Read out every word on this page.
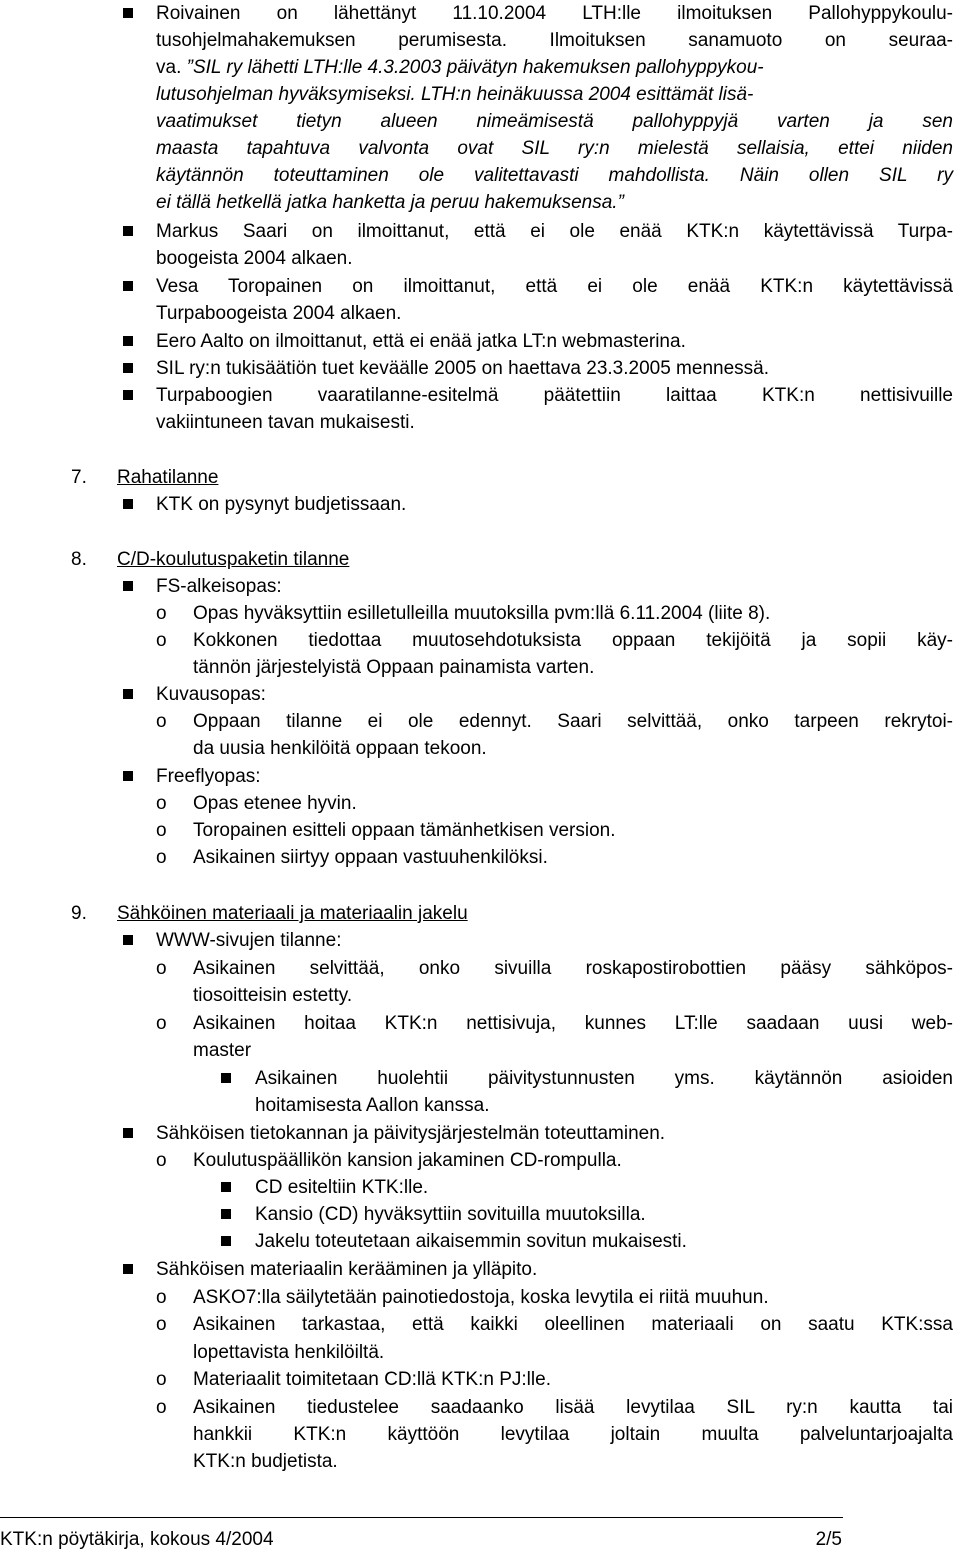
Roivainen on lähettänyt 11.10.2004 LTH:lle ilmoituksen Pallohyppykoulu-
tusohjelmahakemuksen perumisesta. Ilmoituksen sanamuoto on seuraa-
va. ”SIL ry lähetti LTH:lle 4.3.2003 päivätyn hakemuksen pallohyppykou-
lutusohjelman hyväksymiseksi. LTH:n heinäkuussa 2004 esittämät lisä-
vaatimukset tietyn alueen nimeämisestä pallohyppyjä varten ja sen
maasta tapahtuva valvonta ovat SIL ry:n mielestä sellaisia, ettei niiden
käytännön toteuttaminen ole valitettavasti mahdollista. Näin ollen SIL ry
ei tällä hetkellä jatka hanketta ja peruu hakemuksensa.”
Markus Saari on ilmoittanut, että ei ole enää KTK:n käytettävissä Turpa-
boogeista 2004 alkaen.
Vesa Toropainen on ilmoittanut, että ei ole enää KTK:n käytettävissä
Turpaboogeista 2004 alkaen.
Eero Aalto on ilmoittanut, että ei enää jatka LT:n webmasterina.
SIL ry:n tukisäätiön tuet keväälle 2005 on haettava 23.3.2005 mennessä.
Turpaboogien vaaratilanne-esitelmä päätettiin laittaa KTK:n nettisivuille
vakiintuneen tavan mukaisesti.
7. Rahatilanne
KTK on pysynyt budjetissaan.
8. C/D-koulutuspaketin tilanne
FS-alkeisopas:
o Opas hyväksyttiin esilletulleilla muutoksilla pvm:llä 6.11.2004 (liite 8).
o Kokkonen tiedottaa muutosehdotuksista oppaan tekijöitä ja sopii käy-
tännön järjestelyistä Oppaan painamista varten.
Kuvausopas:
o Oppaan tilanne ei ole edennyt. Saari selvittää, onko tarpeen rekrytoi-
da uusia henkilöitä oppaan tekoon.
Freeflyopas:
o Opas etenee hyvin.
o Toropainen esitteli oppaan tämänhetkisen version.
o Asikainen siirtyy oppaan vastuuhenkilöksi.
9. Sähköinen materiaali ja materiaalin jakelu
WWW-sivujen tilanne:
o Asikainen selvittää, onko sivuilla roskapostirobottien pääsy sähköpos-
tiosoitteisin estetty.
o Asikainen hoitaa KTK:n nettisivuja, kunnes LT:lle saadaan uusi web-
master
Asikainen huolehtii päivitystunnusten yms. käytännön asioiden
hoitamisesta Aallon kanssa.
Sähköisen tietokannan ja päivitysjärjestelmän toteuttaminen.
o Koulutuspäällikön kansion jakaminen CD-rompulla.
CD esiteltiin KTK:lle.
Kansio (CD) hyväksyttiin sovituilla muutoksilla.
Jakelu toteutetaan aikaisemmin sovitun mukaisesti.
Sähköisen materiaalin kerääminen ja ylläpito.
o ASKO7:lla säilytetään painotiedostoja, koska levytila ei riitä muuhun.
o Asikainen tarkastaa, että kaikki oleellinen materiaali on saatu KTK:ssa
lopettavista henkilöiltä.
o Materiaalit toimitetaan CD:llä KTK:n PJ:lle.
o Asikainen tiedustelee saadaanko lisää levytilaa SIL ry:n kautta tai
hankkii KTK:n käyttöön levytilaa joltain muulta palveluntarjoajalta
KTK:n budjetista.
KTK:n pöytäkirja, kokous 4/2004	2/5
